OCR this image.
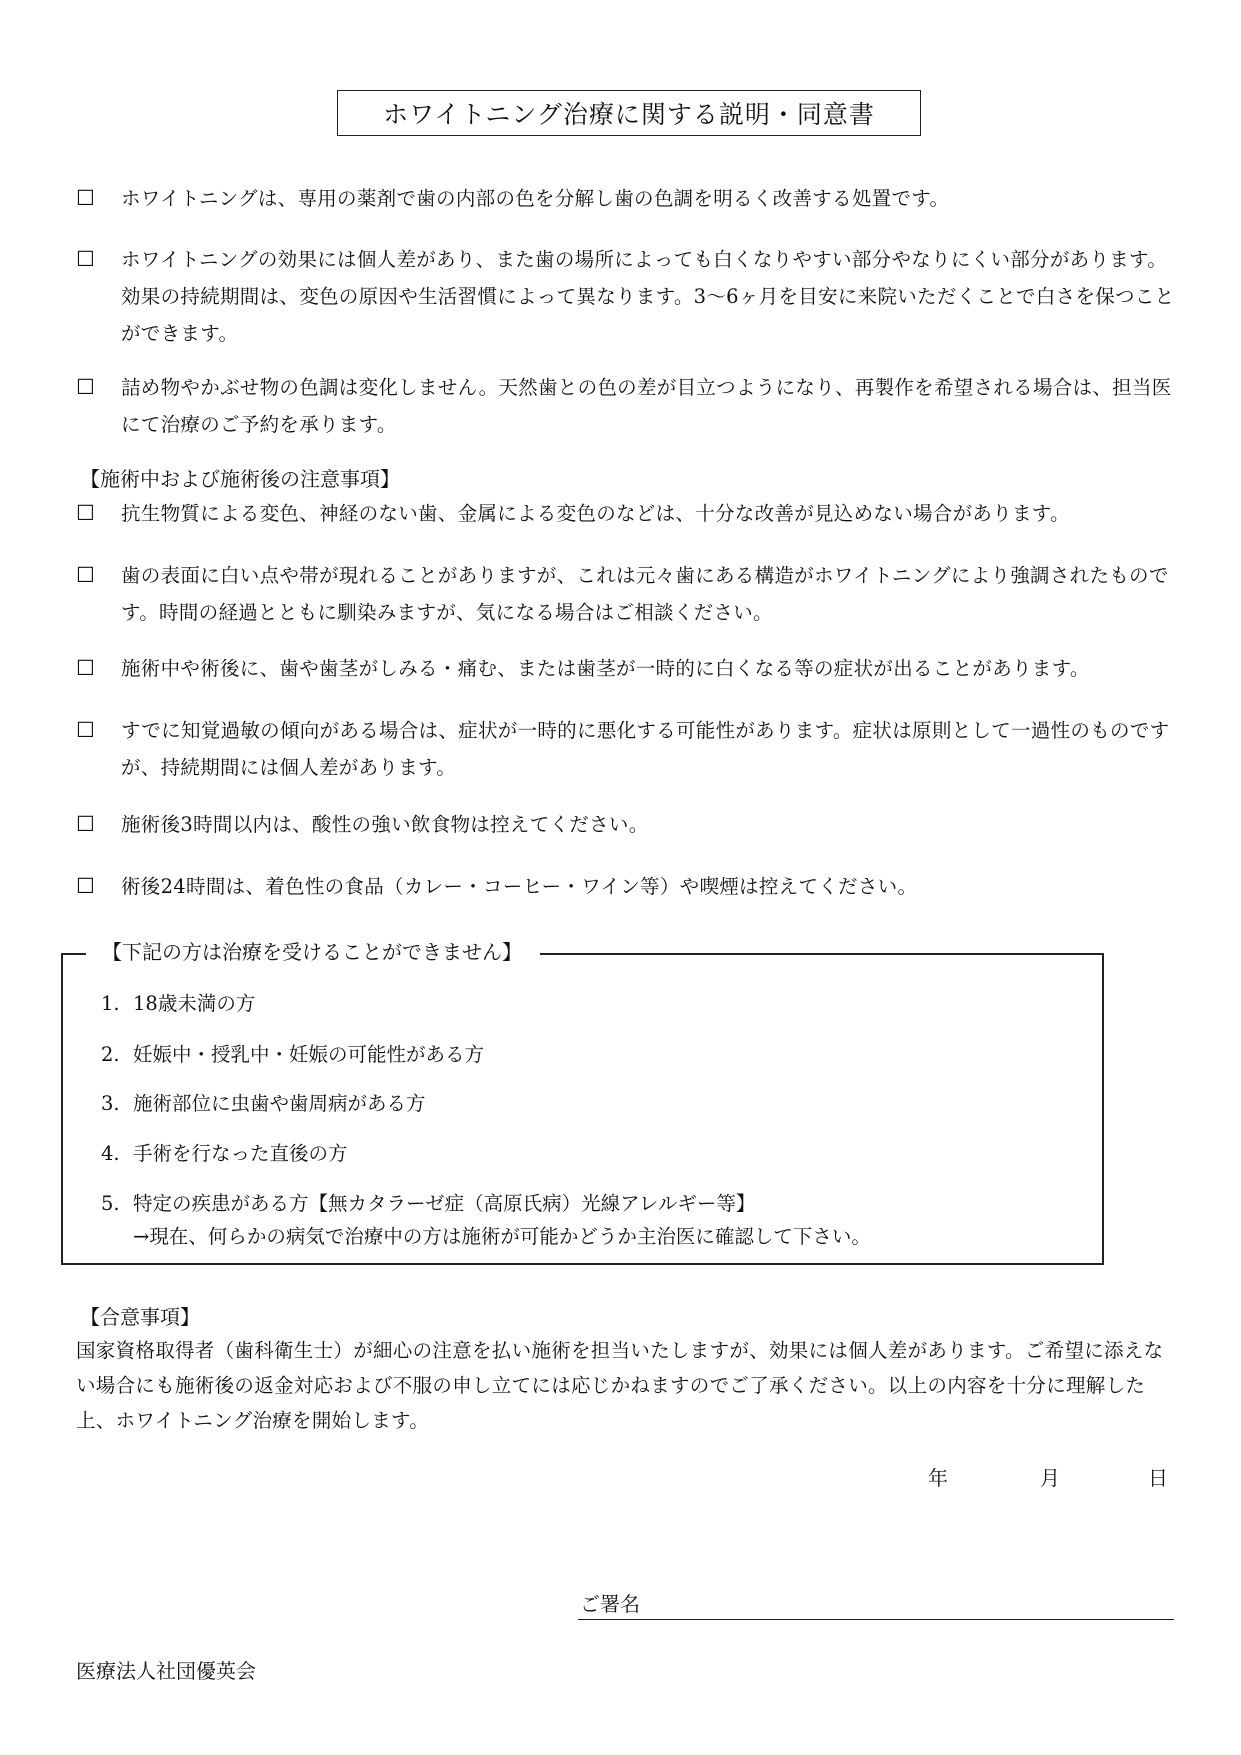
ホワイトニング治療に関する説明・同意書
☐ ホワイトニングは、専用の薬剤で歯の内部の色を分解し歯の色調を明るく改善する処置です。
☐ ホワイトニングの効果には個人差があり、また歯の場所によっても白くなりやすい部分やなりにくい部分があります。効果の持続期間は、変色の原因や生活習慣によって異なります。3〜6ヶ月を目安に来院いただくことで白さを保つことができます。
☐ 詰め物やかぶせ物の色調は変化しません。天然歯との色の差が目立つようになり、再製作を希望される場合は、担当医にて治療のご予約を承ります。
【施術中および施術後の注意事項】
☐ 抗生物質による変色、神経のない歯、金属による変色のなどは、十分な改善が見込めない場合があります。
☐ 歯の表面に白い点や帯が現れることがありますが、これは元々歯にある構造がホワイトニングにより強調されたものです。時間の経過とともに馴染みますが、気になる場合はご相談ください。
☐ 施術中や術後に、歯や歯茎がしみる・痛む、または歯茎が一時的に白くなる等の症状が出ることがあります。
☐ すでに知覚過敏の傾向がある場合は、症状が一時的に悪化する可能性があります。症状は原則として一過性のものですが、持続期間には個人差があります。
☐ 施術後3時間以内は、酸性の強い飲食物は控えてください。
☐ 術後24時間は、着色性の食品（カレー・コーヒー・ワイン等）や喫煙は控えてください。
【下記の方は治療を受けることができません】
1. 18歳未満の方
2. 妊娠中・授乳中・妊娠の可能性がある方
3. 施術部位に虫歯や歯周病がある方
4. 手術を行なった直後の方
5. 特定の疾患がある方【無カタラーゼ症（高原氏病）光線アレルギー等】
→現在、何らかの病気で治療中の方は施術が可能かどうか主治医に確認して下さい。
【合意事項】
国家資格取得者（歯科衛生士）が細心の注意を払い施術を担当いたしますが、効果には個人差があります。ご希望に添えない場合にも施術後の返金対応および不服の申し立てには応じかねますのでご了承ください。以上の内容を十分に理解した上、ホワイトニング治療を開始します。
年	月	日
ご署名
医療法人社団優英会
